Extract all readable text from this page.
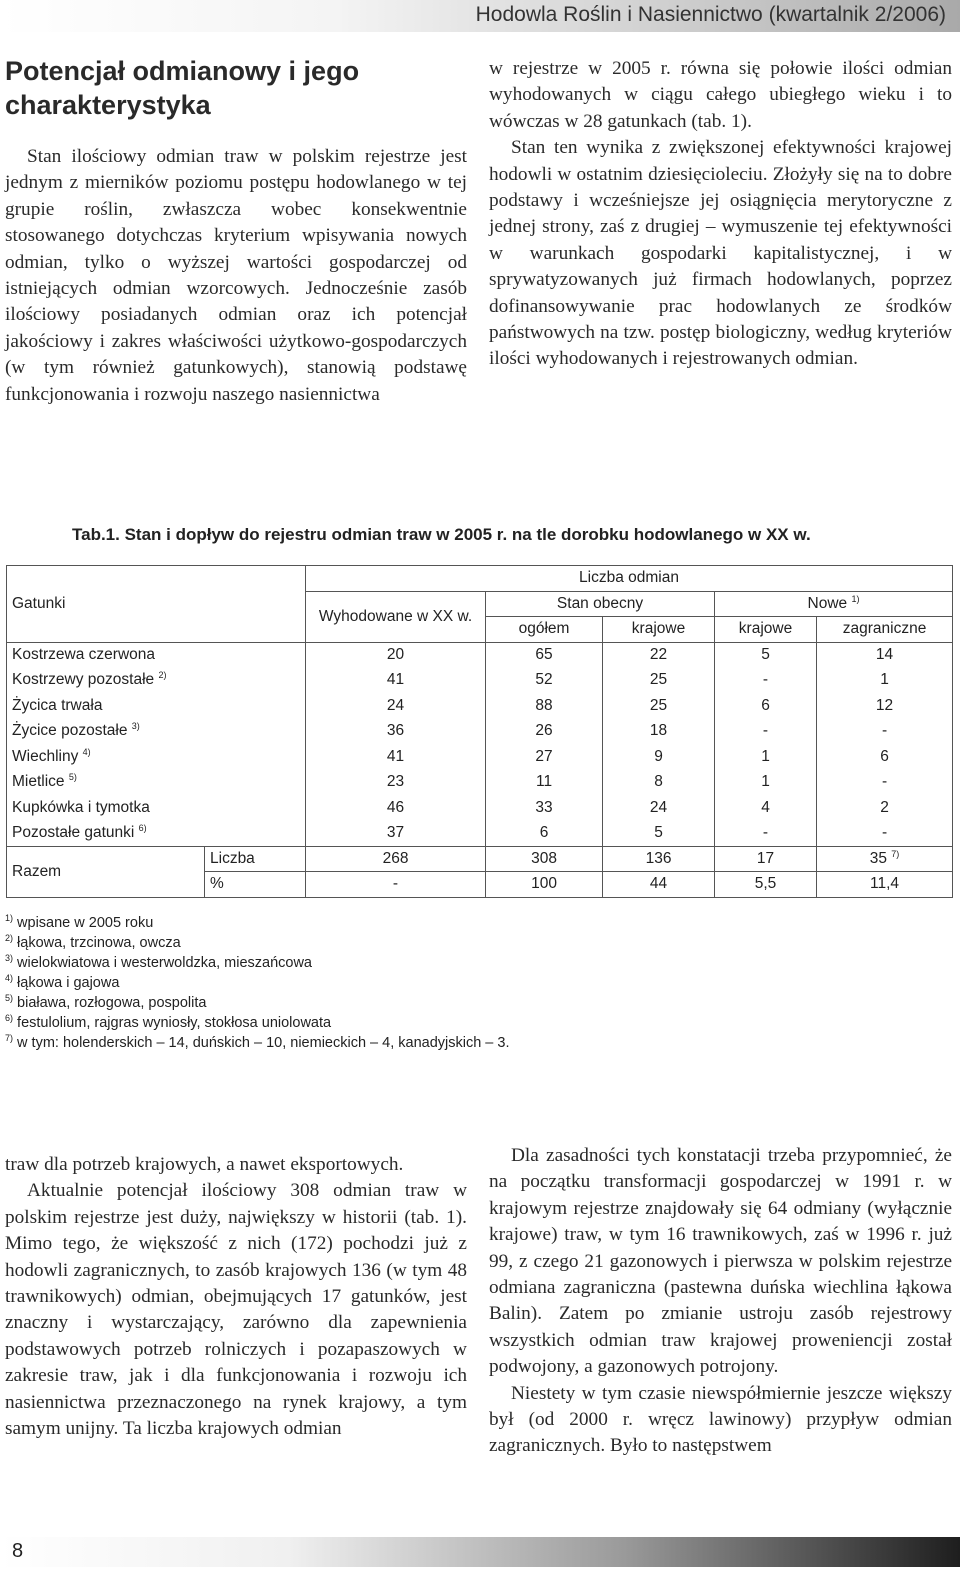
Hodowla Roślin i Nasiennictwo (kwartalnik 2/2006)
Potencjał odmianowy i jego charakterystyka

Stan ilościowy odmian traw w polskim rejestrze jest jednym z mierników poziomu postępu hodowlanego w tej grupie roślin, zwłaszcza wobec konsekwentnie stosowanego dotychczas kryterium wpisywania nowych odmian, tylko o wyższej wartości gospodarczej od istniejących odmian wzorcowych. Jednocześnie zasób ilościowy posiadanych odmian oraz ich potencjał jakościowy i zakres właściwości użytkowo-gospodarczych (w tym również gatunkowych), stanowią podstawę funkcjonowania i rozwoju naszego nasiennictwa

w rejestrze w 2005 r. równa się połowie ilości odmian wyhodowanych w ciągu całego ubiegłego wieku i to wówczas w 28 gatunkach (tab. 1).

Stan ten wynika z zwiększonej efektywności krajowej hodowli w ostatnim dziesięcioleciu. Złożyły się na to dobre podstawy i wcześniejsze jej osiągnięcia merytoryczne z jednej strony, zaś z drugiej – wymuszenie tej efektywności w warunkach gospodarki kapitalistycznej, i w sprywatyzowanych już firmach hodowlanych, poprzez dofinansowywanie prac hodowlanych ze środków państwowych na tzw. postęp biologiczny, według kryteriów ilości wyhodowanych i rejestrowanych odmian.

Tab.1. Stan i dopływ do rejestru odmian traw w 2005 r. na tle dorobku hodowlanego w XX w.
Gatunki		Liczba odmian				
		Wyhodowane w XX w.	Stan obecny		Nowe $^{1)}$
			ogółem	krajowe	krajowe	zagraniczne
Kostrzewa czerwona		20	65	22	5	14
Kostrzewy pozostałe $^{2)}$		41	52	25	-	1
Życica trwała		24	88	25	6	12
Życice pozostałe $^{3)}$		36	26	18	-	-
Wiechliny $^{4)}$		41	27	9	1	6
Mietlice $^{5)}$		23	11	8	1	-
Kupkówka i tymotka		46	33	24	4	2
Pozostałe gatunki $^{6)}$		37	6	5	-	-
Razem	Liczba	268	308	136	17	35 $^{7)}$
	%	-	100	44	5,5	11,4
$^{1)}$ wpisane w 2005 roku
$^{2)}$ łąkowa, trzcinowa, owcza
$^{3)}$ wielokwiatowa i westerwoldzka, mieszańcowa
$^{4)}$ łąkowa i gajowa
$^{5)}$ biaława, rozłogowa, pospolita
$^{6)}$ festulolium, rajgras wyniosły, stokłosa uniolowata
$^{7)}$ w tym: holenderskich – 14, duńskich – 10, niemieckich – 4, kanadyjskich – 3.

traw dla potrzeb krajowych, a nawet eksportowych.

Aktualnie potencjał ilościowy 308 odmian traw w polskim rejestrze jest duży, największy w historii (tab. 1). Mimo tego, że większość z nich (172) pochodzi już z hodowli zagranicznych, to zasób krajowych 136 (w tym 48 trawnikowych) odmian, obejmujących 17 gatunków, jest znaczny i wystarczający, zarówno dla zapewnienia podstawowych potrzeb rolniczych i pozapaszowych w zakresie traw, jak i dla funkcjonowania i rozwoju ich nasiennictwa przeznaczonego na rynek krajowy, a tym samym unijny. Ta liczba krajowych odmian

Dla zasadności tych konstatacji trzeba przypomnieć, że na początku transformacji gospodarczej w 1991 r. w krajowym rejestrze znajdowały się 64 odmiany (wyłącznie krajowe) traw, w tym 16 trawnikowych, zaś w 1996 r. już 99, z czego 21 gazonowych i pierwsza w polskim rejestrze odmiana zagraniczna (pastewna duńska wiechlina łąkowa Balin). Zatem po zmianie ustroju zasób rejestrowy wszystkich odmian traw krajowej proweniencji został podwojony, a gazonowych potrojony.

Niestety w tym czasie niewspółmiernie jeszcze większy był (od 2000 r. wręcz lawinowy) przypływ odmian zagranicznych. Było to następstwem

8
